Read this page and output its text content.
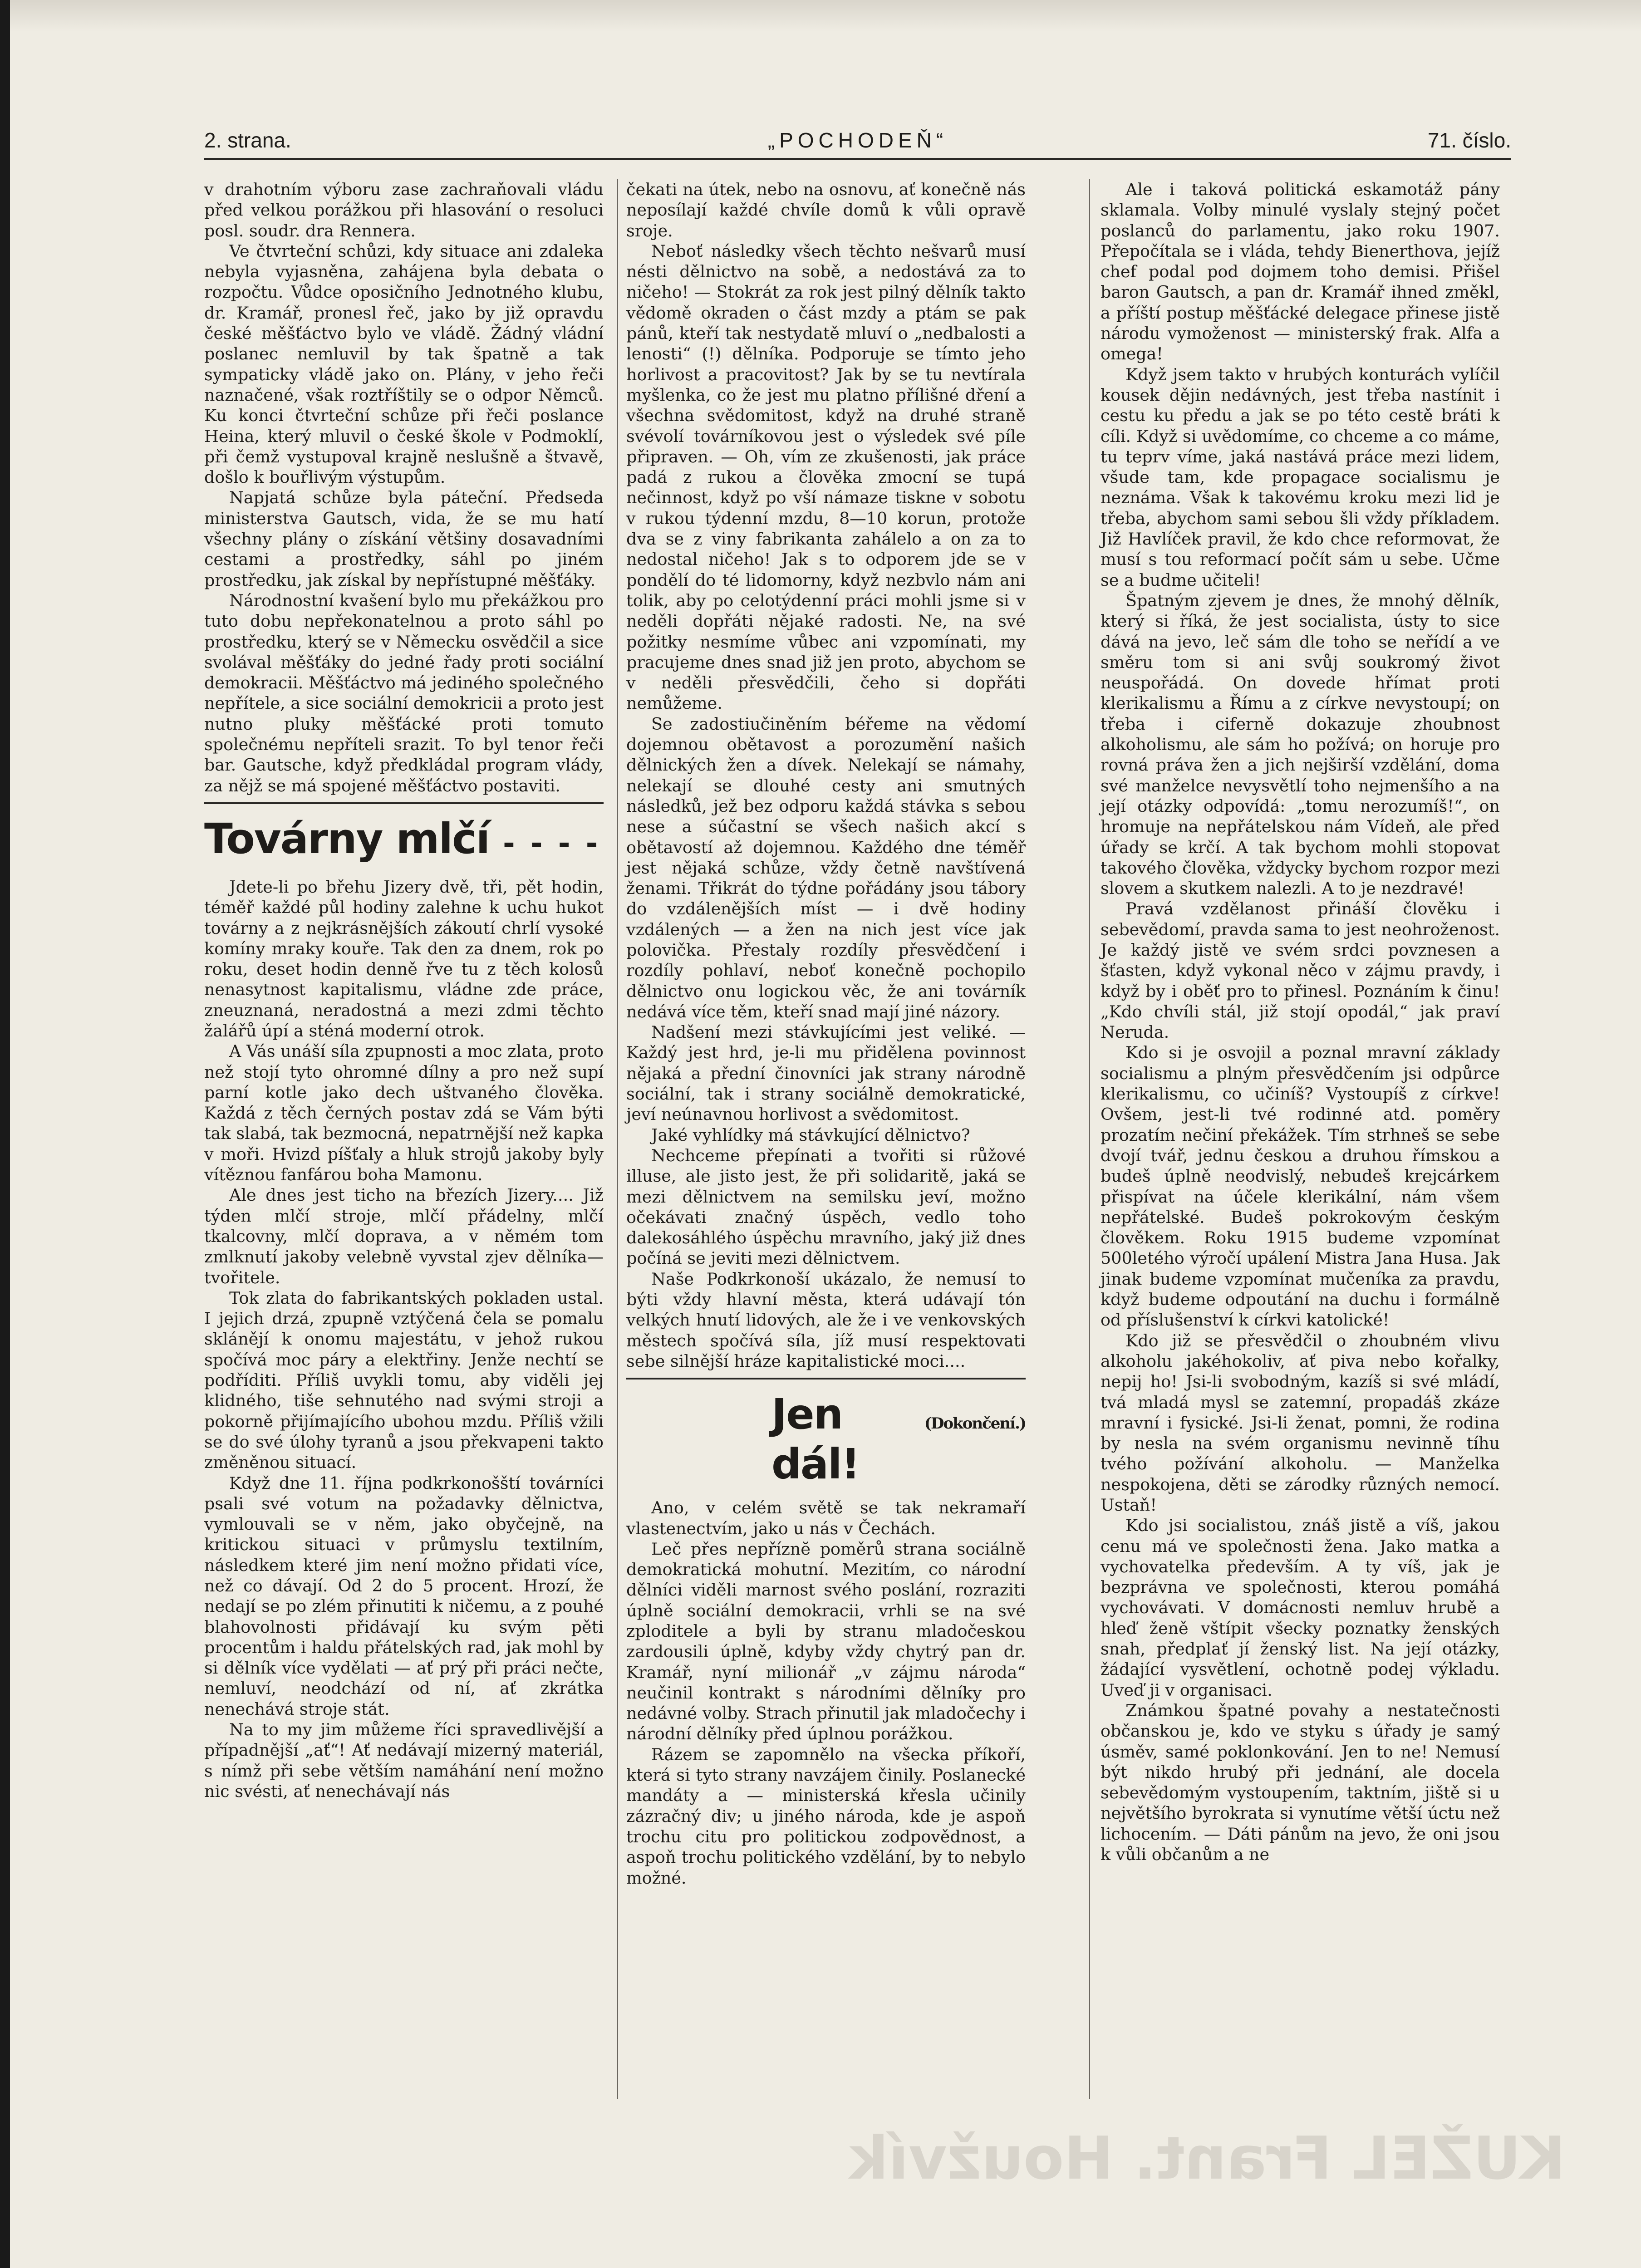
„POCHODEŇ“
2. strana.	71. číslo.

v drahotním výboru zase zachraňovali vládu před velkou porážkou při hlasování o resoluci posl. soudr. dra Rennera.

Ve čtvrteční schůzi, kdy situace ani zdaleka nebyla vyjasněna, zahájena byla debata o rozpočtu. Vůdce oposičního Jednotného klubu, dr. Kramář, pronesl řeč, jako by již opravdu české měšťáctvo bylo ve vládě. Žádný vládní poslanec nemluvil by tak špatně a tak sympaticky vládě jako on. Plány, v jeho řeči naznačené, však roztříštily se o odpor Němců. Ku konci čtvrteční schůze při řeči poslance Heina, který mluvil o české škole v Podmoklí, při čemž vystupoval krajně neslušně a štvavě, došlo k bouřlivým výstupům.

Napjatá schůze byla páteční. Předseda ministerstva Gautsch, vida, že se mu hatí všechny plány o získání většiny dosavadními cestami a prostředky, sáhl po jiném prostředku, jak získal by nepřístupné měšťáky.

Národnostní kvašení bylo mu překážkou pro tuto dobu nepřekonatelnou a proto sáhl po prostředku, který se v Německu osvědčil a sice svolával měšťáky do jedné řady proti sociální demokracii. Měšťáctvo má jediného společného nepřítele, a sice sociální demokricii a proto jest nutno pluky měšťácké proti tomuto společnému nepříteli srazit. To byl tenor řeči bar. Gautsche, když předkládal program vlády, za nějž se má spojené měšťáctvo postaviti.

Továrny mlčí - - - -

Jdete-li po břehu Jizery dvě, tři, pět hodin, téměř každé půl hodiny zalehne k uchu hukot továrny a z nejkrásnějších zákoutí chrlí vysoké komíny mraky kouře. Tak den za dnem, rok po roku, deset hodin denně řve tu z těch kolosů nenasytnost kapitalismu, vládne zde práce, zneuznaná, neradostná a mezi zdmi těchto žalářů úpí a sténá moderní otrok.

A Vás unáší síla zpupnosti a moc zlata, proto než stojí tyto ohromné dílny a pro než supí parní kotle jako dech uštvaného člověka. Každá z těch černých postav zdá se Vám býti tak slabá, tak bezmocná, nepatrnější než kapka v moři. Hvizd píšťaly a hluk strojů jakoby byly vítěznou fanfárou boha Mamonu.

Ale dnes jest ticho na březích Jizery.... Již týden mlčí stroje, mlčí přádelny, mlčí tkalcovny, mlčí doprava, a v němém tom zmlknutí jakoby velebně vyvstal zjev dělníka—tvořitele.

Tok zlata do fabrikantských pokladen ustal. I jejich drzá, zpupně vztýčená čela se pomalu sklánějí k onomu majestátu, v jehož rukou spočívá moc páry a elektřiny. Jenže nechtí se podříditi. Příliš uvykli tomu, aby viděli jej klidného, tiše sehnutého nad svými stroji a pokorně přijímajícího ubohou mzdu. Příliš vžili se do své úlohy tyranů a jsou překvapeni takto změněnou situací.

Když dne 11. října podkrkonošští továrníci psali své votum na požadavky dělnictva, vymlouvali se v něm, jako obyčejně, na kritickou situaci v průmyslu textilním, následkem které jim není možno přidati více, než co dávají. Od 2 do 5 procent. Hrozí, že nedají se po zlém přinutiti k ničemu, a z pouhé blahovolnosti přidávají ku svým pěti procentům i haldu přátelských rad, jak mohl by si dělník více vydělati — ať prý při práci nečte, nemluví, neodchází od ní, ať zkrátka nenechává stroje stát.

Na to my jim můžeme říci spravedlivější a případnější „ať“! Ať nedávají mizerný materiál, s nímž při sebe větším namáhání není možno nic svésti, ať nenechávají nás

čekati na útek, nebo na osnovu, ať konečně nás neposílají každé chvíle domů k vůli opravě sroje.

Neboť následky všech těchto nešvarů musí nésti dělnictvo na sobě, a nedostává za to ničeho! — Stokrát za rok jest pilný dělník takto vědomě okraden o část mzdy a ptám se pak pánů, kteří tak nestydatě mluví o „nedbalosti a lenosti“ (!) dělníka. Podporuje se tímto jeho horlivost a pracovitost? Jak by se tu nevtírala myšlenka, co že jest mu platno přílišné dření a všechna svědomitost, když na druhé straně svévolí továrníkovou jest o výsledek své píle připraven. — Oh, vím ze zkušenosti, jak práce padá z rukou a člověka zmocní se tupá nečinnost, když po vší námaze tiskne v sobotu v rukou týdenní mzdu, 8—10 korun, protože dva se z viny fabrikanta zahálelo a on za to nedostal ničeho! Jak s to odporem jde se v pondělí do té lidomorny, když nezbvlo nám ani tolik, aby po celotýdenní práci mohli jsme si v neděli dopřáti nějaké radosti. Ne, na své požitky nesmíme vůbec ani vzpomínati, my pracujeme dnes snad již jen proto, abychom se v neděli přesvědčili, čeho si dopřáti nemůžeme.

Se zadostiučiněním béřeme na vědomí dojemnou obětavost a porozumění našich dělnických žen a dívek. Nelekají se námahy, nelekají se dlouhé cesty ani smutných následků, jež bez odporu každá stávka s sebou nese a súčastní se všech našich akcí s obětavostí až dojemnou. Každého dne téměř jest nějaká schůze, vždy četně navštívená ženami. Třikrát do týdne pořádány jsou tábory do vzdálenějších míst — i dvě hodiny vzdálených — a žen na nich jest více jak polovička. Přestaly rozdíly přesvědčení i rozdíly pohlaví, neboť konečně pochopilo dělnictvo onu logickou věc, že ani továrník nedává více těm, kteří snad mají jiné názory.

Nadšení mezi stávkujícími jest veliké. — Každý jest hrd, je-li mu přidělena povinnost nějaká a přední činovníci jak strany národně sociální, tak i strany sociálně demokratické, jeví neúnavnou horlivost a svědomitost.

Jaké vyhlídky má stávkující dělnictvo?

Nechceme přepínati a tvořiti si růžové illuse, ale jisto jest, že při solidaritě, jaká se mezi dělnictvem na semilsku jeví, možno očekávati značný úspěch, vedlo toho dalekosáhlého úspěchu mravního, jaký již dnes počíná se jeviti mezi dělnictvem.

Naše Podkrkonoší ukázalo, že nemusí to býti vždy hlavní města, která udávají tón velkých hnutí lidových, ale že i ve venkovských městech spočívá síla, jíž musí respektovati sebe silnější hráze kapitalistické moci....

Jen dál!
(Dokončení.)

Ano, v celém světě se tak nekramaří vlastenectvím, jako u nás v Čechách.

Leč přes nepříznĕ poměrů strana sociálně demokratická mohutní. Mezitím, co národní dělníci viděli marnost svého poslání, rozraziti úplně sociální demokracii, vrhli se na své zploditele a byli by stranu mladočeskou zardousili úplně, kdyby vždy chytrý pan dr. Kramář, nyní milionář „v zájmu národa“ neučinil kontrakt s národními dělníky pro nedávné volby. Strach přinutil jak mladočechy i národní dělníky před úplnou porážkou.

Rázem se zapomnělo na všecka příkoří, která si tyto strany navzájem činily. Poslanecké mandáty a — ministerská křesla učinily zázračný div; u jiného národa, kde je aspoň trochu citu pro politickou zodpovědnost, a aspoň trochu politického vzdělání, by to nebylo možné.

Ale i taková politická eskamotáž pány sklamala. Volby minulé vyslaly stejný počet poslanců do parlamentu, jako roku 1907. Přepočítala se i vláda, tehdy Bienerthova, jejíž chef podal pod dojmem toho demisi. Přišel baron Gautsch, a pan dr. Kramář ihned změkl, a příští postup měšťácké delegace přinese jistě národu vymoženost — ministerský frak. Alfa a omega!

Když jsem takto v hrubých konturách vylíčil kousek dějin nedávných, jest třeba nastínit i cestu ku předu a jak se po této cestě bráti k cíli. Když si uvědomíme, co chceme a co máme, tu teprv víme, jaká nastává práce mezi lidem, všude tam, kde propagace socialismu je neznáma. Však k takovému kroku mezi lid je třeba, abychom sami sebou šli vždy příkladem. Již Havlíček pravil, že kdo chce reformovat, že musí s tou reformací počít sám u sebe. Učme se a budme učiteli!

Špatným zjevem je dnes, že mnohý dělník, který si říká, že jest socialista, ústy to sice dává na jevo, leč sám dle toho se neřídí a ve směru tom si ani svůj soukromý život neuspořádá. On dovede hřímat proti klerikalismu a Římu a z církve nevystoupí; on třeba i ciferně dokazuje zhoubnost alkoholismu, ale sám ho požívá; on horuje pro rovná práva žen a jich nejširší vzdělání, doma své manželce nevysvětlí toho nejmenšího a na její otázky odpovídá: „tomu nerozumíš!“, on hromuje na nepřátelskou nám Vídeň, ale před úřady se krčí. A tak bychom mohli stopovat takového člověka, vždycky bychom rozpor mezi slovem a skutkem nalezli. A to je nezdravé!

Pravá vzdělanost přináší člověku i sebevědomí, pravda sama to jest neohroženost. Je každý jistě ve svém srdci povznesen a šťasten, když vykonal něco v zájmu pravdy, i když by i oběť pro to přinesl. Poznáním k činu! „Kdo chvíli stál, již stojí opodál,“ jak praví Neruda.

Kdo si je osvojil a poznal mravní základy socialismu a plným přesvědčením jsi odpůrce klerikalismu, co učiníš? Vystoupíš z církve! Ovšem, jest-li tvé rodinné atd. poměry prozatím nečiní překážek. Tím strhneš se sebe dvojí tvář, jednu českou a druhou římskou a budeš úplně neodvislý, nebudeš krejcárkem přispívat na účele klerikální, nám všem nepřátelské. Budeš pokrokovým českým člověkem. Roku 1915 budeme vzpomínat 500letého výročí upálení Mistra Jana Husa. Jak jinak budeme vzpomínat mučeníka za pravdu, když budeme odpoutání na duchu i formálně od příslušenství k církvi katolické!

Kdo již se přesvědčil o zhoubném vlivu alkoholu jakéhokoliv, ať piva nebo kořalky, nepij ho! Jsi-li svobodným, kazíš si své mládí, tvá mladá mysl se zatemní, propadáš zkáze mravní i fysické. Jsi-li ženat, pomni, že rodina by nesla na svém organismu nevinně tíhu tvého požívání alkoholu. — Manželka nespokojena, děti se zárodky různých nemocí. Ustaň!

Kdo jsi socialistou, znáš jistě a víš, jakou cenu má ve společnosti žena. Jako matka a vychovatelka především. A ty víš, jak je bezprávna ve společnosti, kterou pomáhá vychovávati. V domácnosti nemluv hrubě a hleď ženě vštípit všecky poznatky ženských snah, předplať jí ženský list. Na její otázky, žádající vysvětlení, ochotně podej výkladu. Uveď ji v organisaci.

Známkou špatné povahy a nestatečnosti občanskou je, kdo ve styku s úřady je samý úsměv, samé poklonkování. Jen to ne! Nemusí být nikdo hrubý při jednání, ale docela sebevědomým vystoupením, taktním, jiště si u největšího byrokrata si vynutíme větší úctu než lichocením. — Dáti pánům na jevo, že oni jsou k vůli občanům a ne

KUŽEL Frant. Houžvík
